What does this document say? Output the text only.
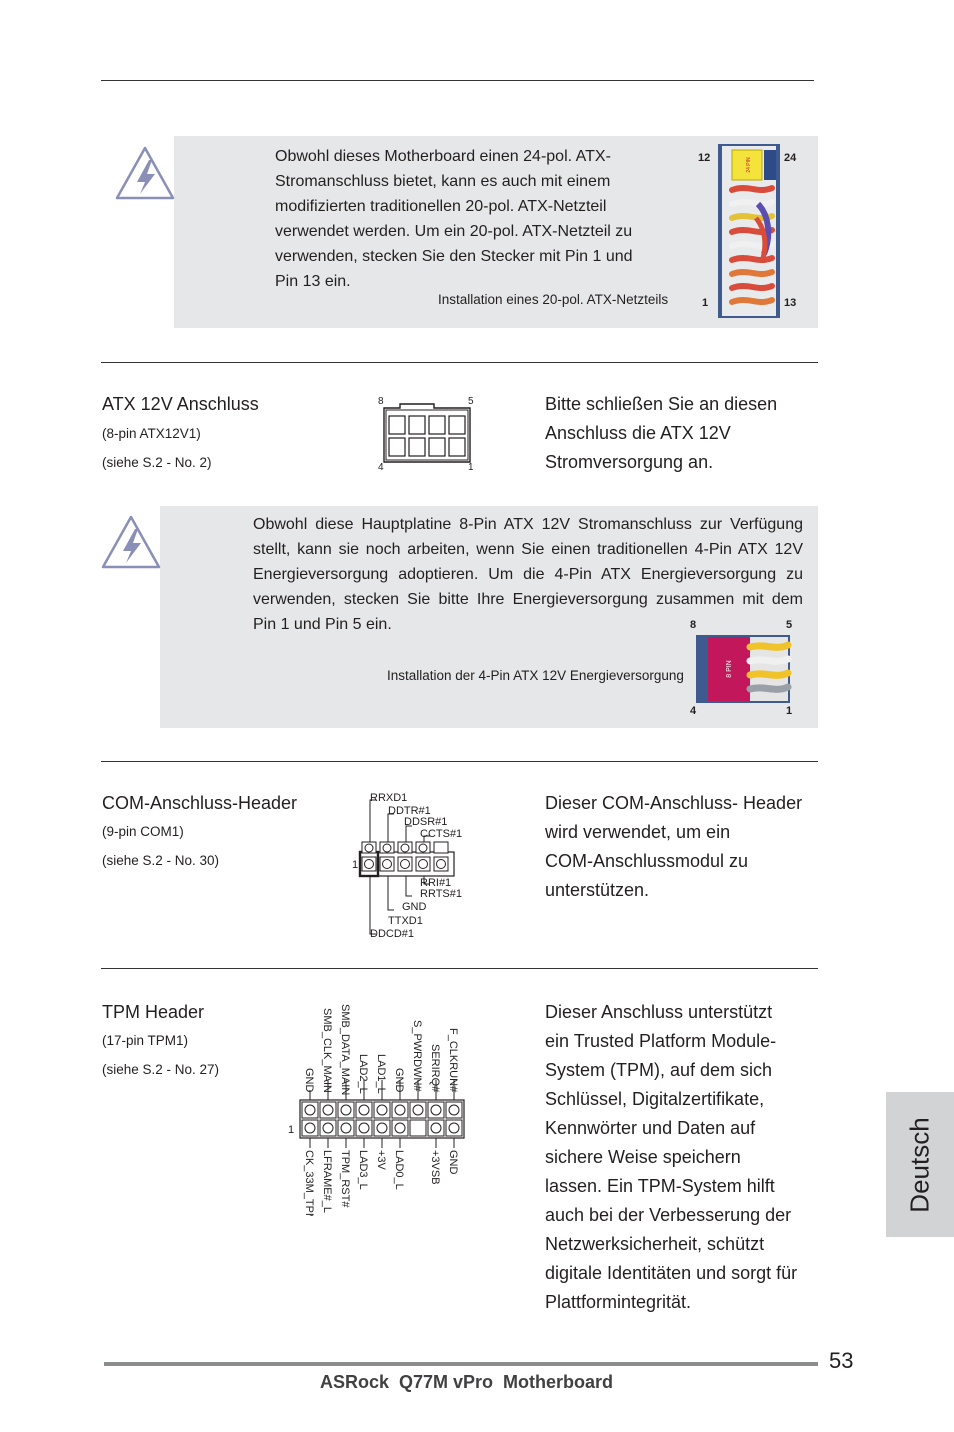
Obwohl dieses Motherboard einen 24-pol. ATX-
Stromanschluss bietet, kann es auch mit einem
modifizierten traditionellen 20-pol. ATX-Netzteil
verwendet werden. Um ein 20-pol. ATX-Netzteil zu
verwenden, stecken Sie den Stecker mit Pin 1 und
Pin 13 ein.
Installation eines 20-pol. ATX-Netzteils
24 PIN
12	24
1	13
ATX 12V Anschluss
(8-pin ATX12V1)
(siehe S.2 - No. 2)
8	5
4	1
Bitte schließen Sie an diesen
Anschluss die ATX 12V
Stromversorgung an.
Obwohl diese Hauptplatine 8-Pin ATX 12V Stromanschluss zur Verfügung
stellt, kann sie noch arbeiten, wenn Sie einen traditionellen 4-Pin ATX 12V
Energieversorgung adoptieren. Um die 4-Pin ATX Energieversorgung zu
verwenden, stecken Sie bitte Ihre Energieversorgung zusammen mit dem
Pin 1 und Pin 5 ein.
Installation der 4-Pin ATX 12V Energieversorgung	8 PIN
8	5
4	1
COM-Anschluss-Header
(9-pin COM1)
(siehe S.2 - No. 30)
RRXD1
DDTR#1
DDSR#1
CCTS#1
RRI#1
RRTS#1
GND
TTXD1
DDCD#1
1
Dieser COM-Anschluss- Header
wird verwendet, um ein
COM-Anschlussmodul zu
unterstützen.
TPM Header
(17-pin TPM1)
(siehe S.2 - No. 27)
1
GND SMB_CLK_MAIN SMB_DATA_MAIN LAD2_L LAD1_L GND S_PWRDWN# SERIRQ# F_CLKRUN#
CK_33M_TPM LFRAME#_L TPM_RST# LAD3_L +3V LAD0_L +3VSB GND
Dieser Anschluss unterstützt
ein Trusted Platform Module-
System (TPM), auf dem sich
Schlüssel, Digitalzertifikate,
Kennwörter und Daten auf
sichere Weise speichern
lassen. Ein TPM-System hilft
auch bei der Verbesserung der
Netzwerksicherheit, schützt
digitale Identitäten und sorgt für
Plattformintegrität.
Deutsch
53
ASRock  Q77M vPro  Motherboard
